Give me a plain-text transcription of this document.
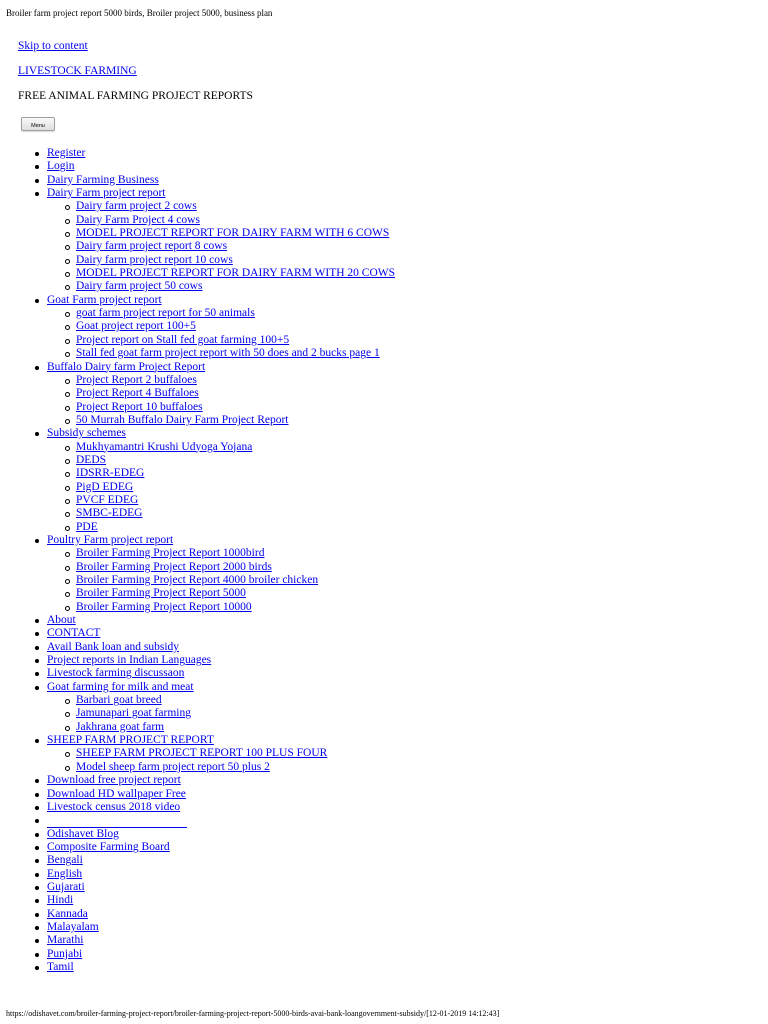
Broiler farm project report 5000 birds, Broiler project 5000, business plan
Skip to content
LIVESTOCK FARMING
FREE ANIMAL FARMING PROJECT REPORTS
Menu
Register
Login
Dairy Farming Business
Dairy Farm project report
Dairy farm project 2 cows
Dairy Farm Project 4 cows
MODEL PROJECT REPORT FOR DAIRY FARM WITH 6 COWS
Dairy farm project report 8 cows
Dairy farm project report 10 cows
MODEL PROJECT REPORT FOR DAIRY FARM WITH 20 COWS
Dairy farm project 50 cows
Goat Farm project report
goat farm project report for 50 animals
Goat project report 100+5
Project report on Stall fed goat farming 100+5
Stall fed goat farm project report with 50 does and 2 bucks page 1
Buffalo Dairy farm Project Report
Project Report 2 buffaloes
Project Report 4 Buffaloes
Project Report 10 buffaloes
50 Murrah Buffalo Dairy Farm Project Report
Subsidy schemes
Mukhyamantri Krushi Udyoga Yojana
DEDS
IDSRR-EDEG
PigD EDEG
PVCF EDEG
SMBC-EDEG
PDE
Poultry Farm project report
Broiler Farming Project Report 1000bird
Broiler Farming Project Report 2000 birds
Broiler Farming Project Report 4000 broiler chicken
Broiler Farming Project Report 5000
Broiler Farming Project Report 10000
About
CONTACT
Avail Bank loan and subsidy
Project reports in Indian Languages
Livestock farming discussaon
Goat farming for milk and meat
Barbari goat breed
Jamunapari goat farming
Jakhrana goat farm
SHEEP FARM PROJECT REPORT
SHEEP FARM PROJECT REPORT 100 PLUS FOUR
Model sheep farm project report 50 plus 2
Download free project report
Download HD wallpaper Free
Livestock census 2018 video
Odishavet Blog
Composite Farming Board
Bengali
English
Gujarati
Hindi
Kannada
Malayalam
Marathi
Punjabi
Tamil
https://odishavet.com/broiler-farming-project-report/broiler-farming-project-report-5000-birds-avai-bank-loangovernment-subsidy/[12-01-2019 14:12:43]
